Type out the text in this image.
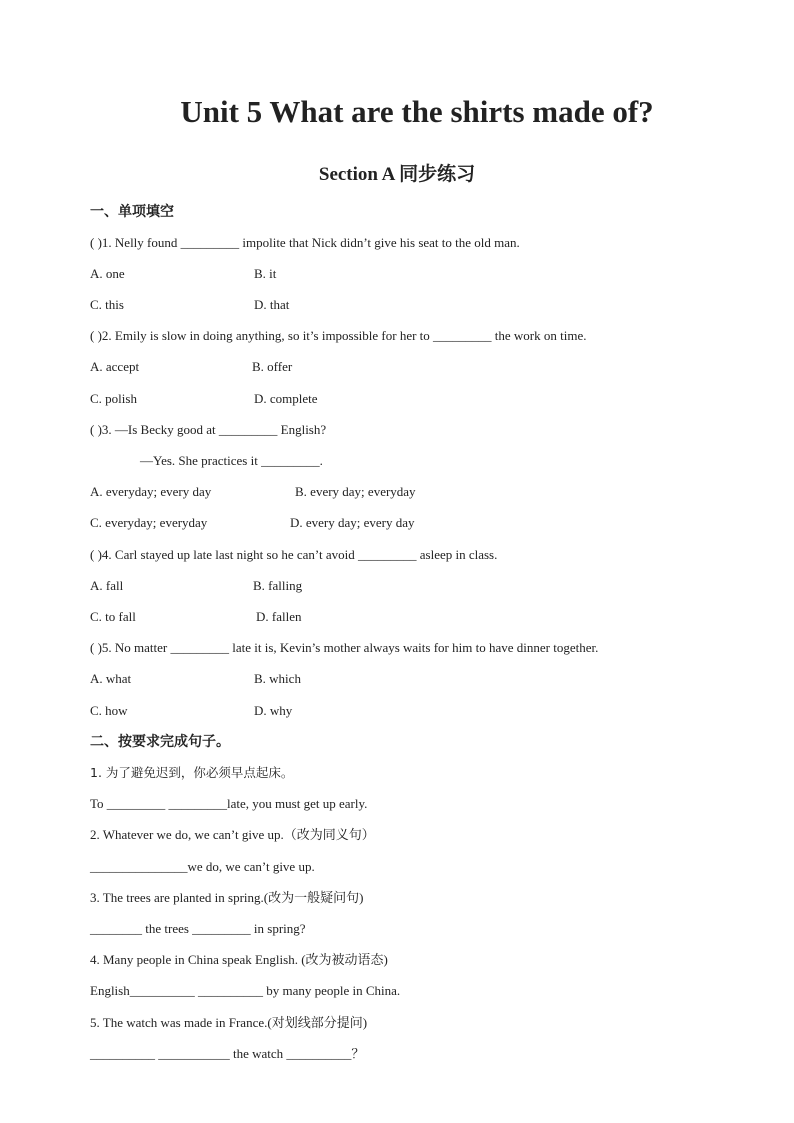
Unit 5 What are the shirts made of?
Section A 同步练习
一、单项填空
( )1. Nelly found _________ impolite that Nick didn’t give his seat to the old man.
A. one	B. it
C. this	D. that
( )2. Emily is slow in doing anything, so it’s impossible for her to _________ the work on time.
A. accept	B. offer
C. polish	D. complete
( )3. —Is Becky good at _________ English?
—Yes. She practices it _________.
A. everyday; every day	B. every day; everyday
C. everyday; everyday	D. every day; every day
( )4. Carl stayed up late last night so he can’t avoid _________ asleep in class.
A. fall	B. falling
C. to fall	D. fallen
( )5. No matter _________ late it is, Kevin’s mother always waits for him to have dinner together.
A. what	B. which
C. how	D. why
二、按要求完成句子。
1. 为了避免迟到，你必须早点起床。
To _________ _________late, you must get up early.
2. Whatever we do, we can’t give up.（改为同义句）
_______________we do, we can’t give up.
3. The trees are planted in spring.(改为一般疑问句)
________ the trees _________ in spring?
4. Many people in China speak English. (改为被动语态)
English__________ __________ by many people in China.
5. The watch was made in France.(对划线部分提问)
__________ ___________ the watch __________？
